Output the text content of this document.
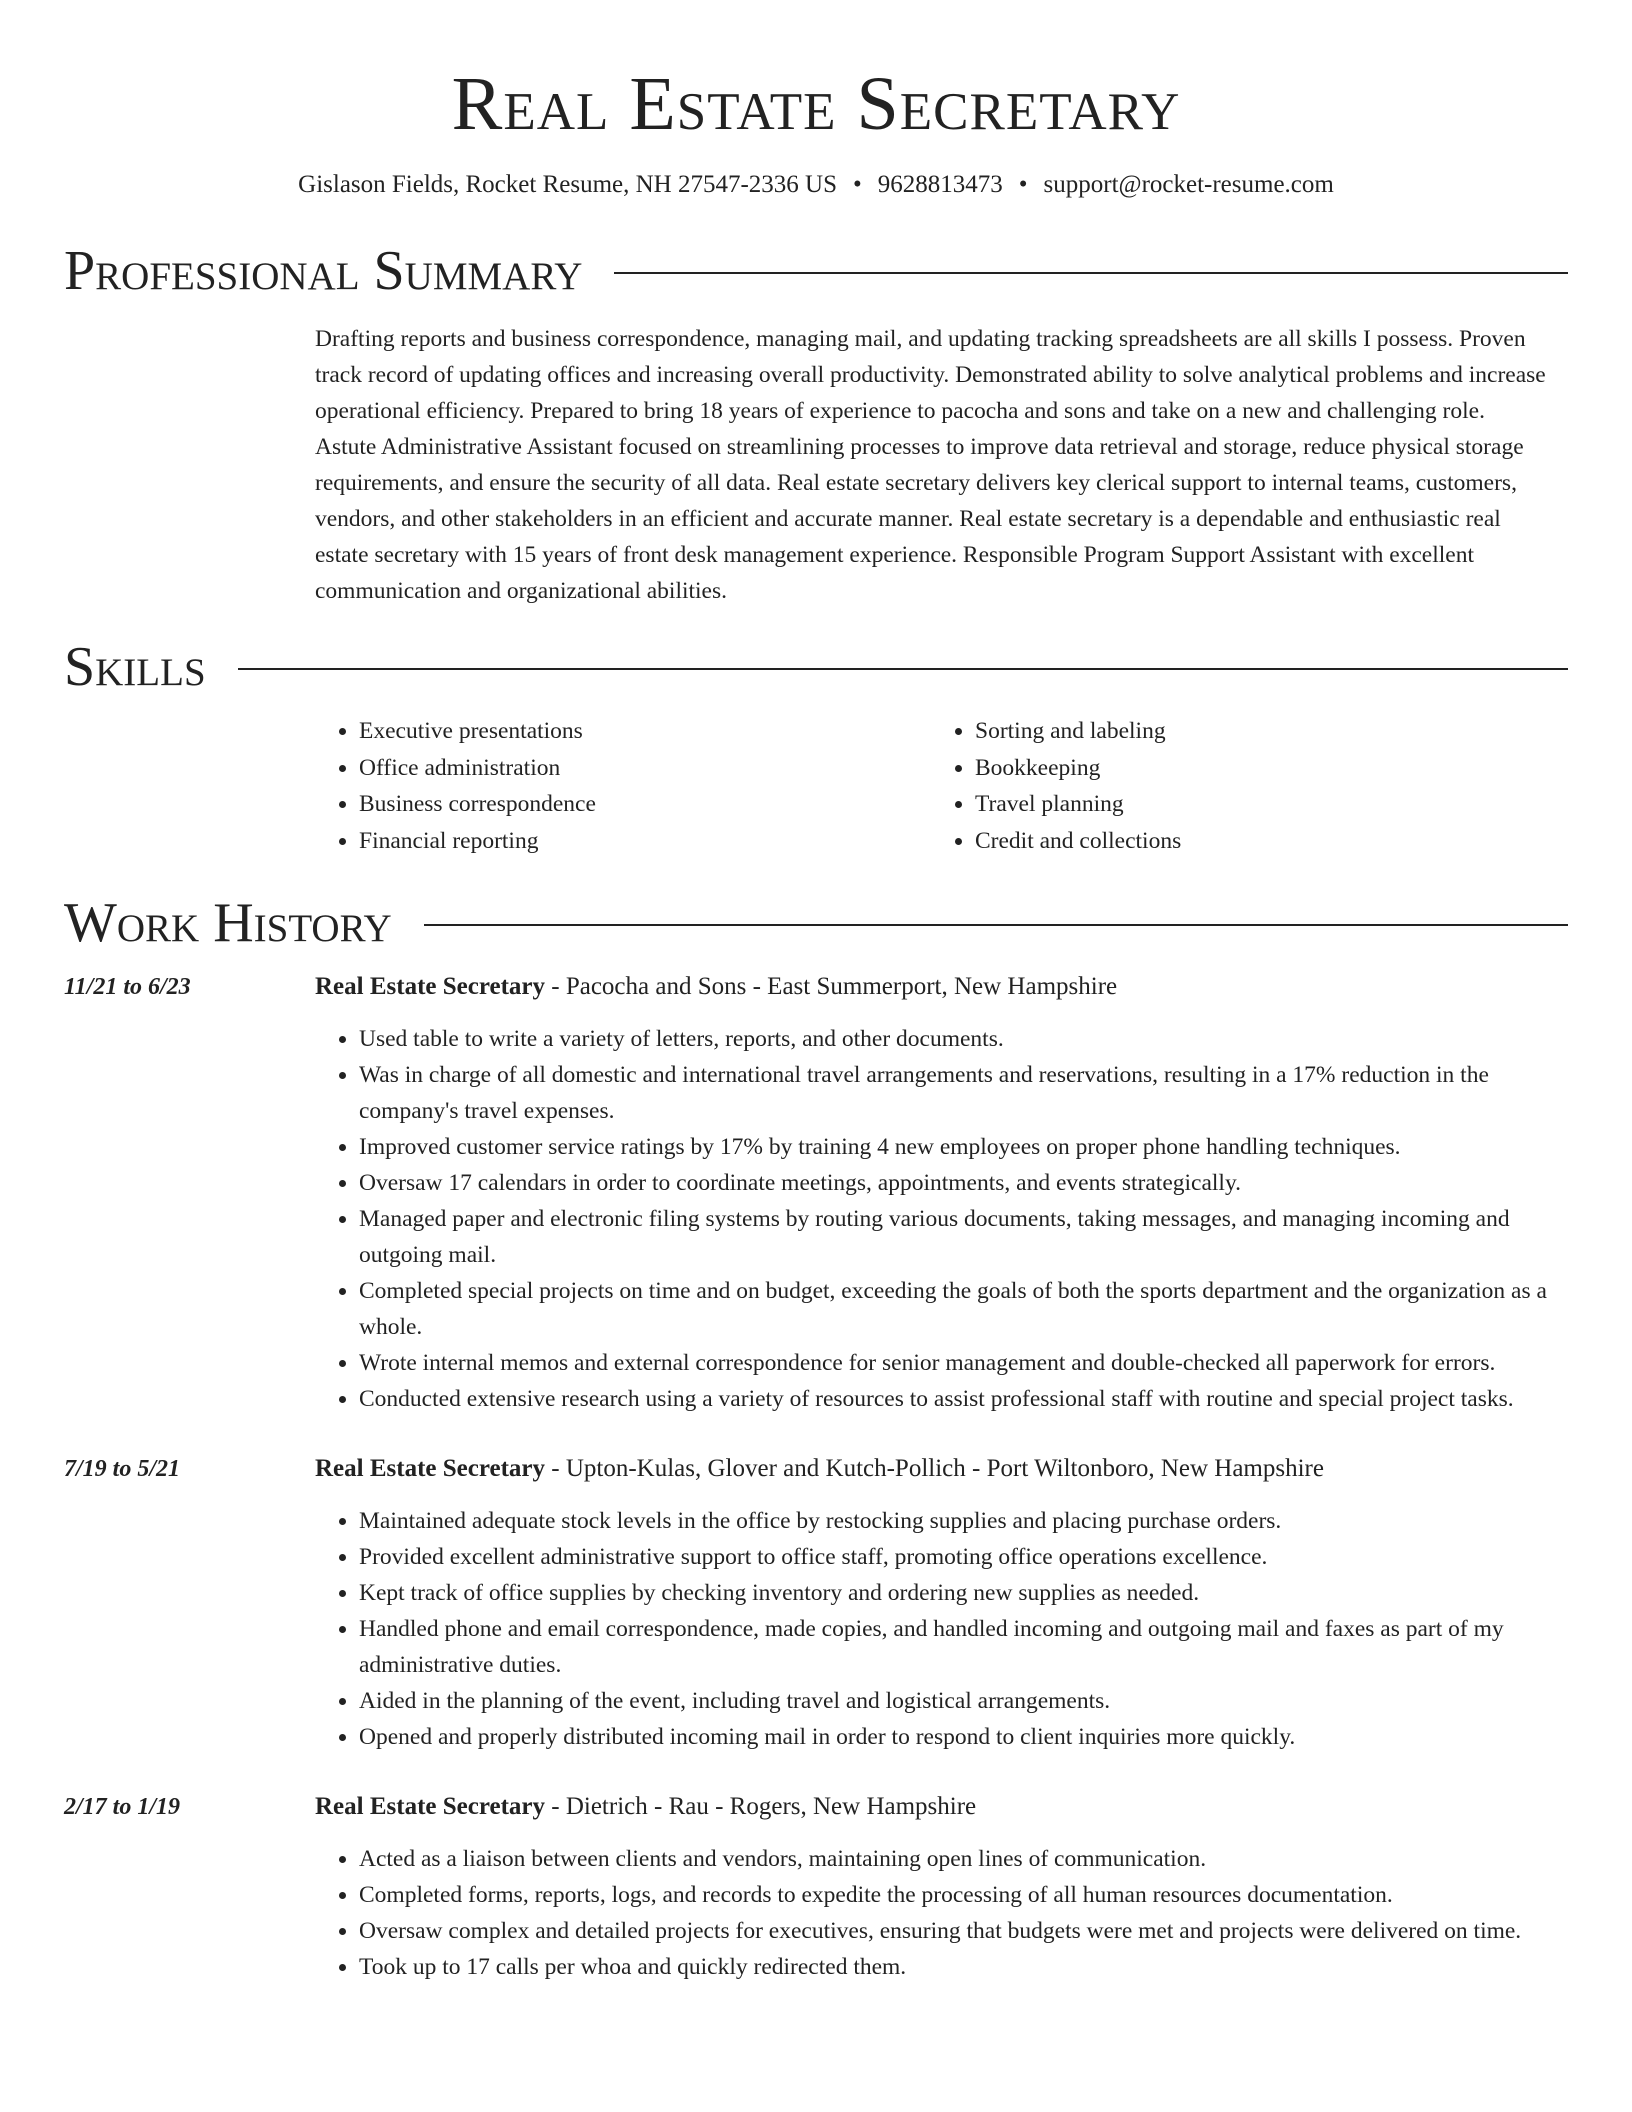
Real Estate Secretary
Gislason Fields, Rocket Resume, NH 27547-2336 US • 9628813473 • support@rocket-resume.com
Professional Summary
Drafting reports and business correspondence, managing mail, and updating tracking spreadsheets are all skills I possess. Proven track record of updating offices and increasing overall productivity. Demonstrated ability to solve analytical problems and increase operational efficiency. Prepared to bring 18 years of experience to pacocha and sons and take on a new and challenging role. Astute Administrative Assistant focused on streamlining processes to improve data retrieval and storage, reduce physical storage requirements, and ensure the security of all data. Real estate secretary delivers key clerical support to internal teams, customers, vendors, and other stakeholders in an efficient and accurate manner. Real estate secretary is a dependable and enthusiastic real estate secretary with 15 years of front desk management experience. Responsible Program Support Assistant with excellent communication and organizational abilities.
Skills
• Executive presentations
• Office administration
• Business correspondence
• Financial reporting
• Sorting and labeling
• Bookkeeping
• Travel planning
• Credit and collections
Work History
11/21 to 6/23	Real Estate Secretary - Pacocha and Sons - East Summerport, New Hampshire
• Used table to write a variety of letters, reports, and other documents.
• Was in charge of all domestic and international travel arrangements and reservations, resulting in a 17% reduction in the company's travel expenses.
• Improved customer service ratings by 17% by training 4 new employees on proper phone handling techniques.
• Oversaw 17 calendars in order to coordinate meetings, appointments, and events strategically.
• Managed paper and electronic filing systems by routing various documents, taking messages, and managing incoming and outgoing mail.
• Completed special projects on time and on budget, exceeding the goals of both the sports department and the organization as a whole.
• Wrote internal memos and external correspondence for senior management and double-checked all paperwork for errors.
• Conducted extensive research using a variety of resources to assist professional staff with routine and special project tasks.
7/19 to 5/21	Real Estate Secretary - Upton-Kulas, Glover and Kutch-Pollich - Port Wiltonboro, New Hampshire
• Maintained adequate stock levels in the office by restocking supplies and placing purchase orders.
• Provided excellent administrative support to office staff, promoting office operations excellence.
• Kept track of office supplies by checking inventory and ordering new supplies as needed.
• Handled phone and email correspondence, made copies, and handled incoming and outgoing mail and faxes as part of my administrative duties.
• Aided in the planning of the event, including travel and logistical arrangements.
• Opened and properly distributed incoming mail in order to respond to client inquiries more quickly.
2/17 to 1/19	Real Estate Secretary - Dietrich - Rau - Rogers, New Hampshire
• Acted as a liaison between clients and vendors, maintaining open lines of communication.
• Completed forms, reports, logs, and records to expedite the processing of all human resources documentation.
• Oversaw complex and detailed projects for executives, ensuring that budgets were met and projects were delivered on time.
• Took up to 17 calls per whoa and quickly redirected them.
